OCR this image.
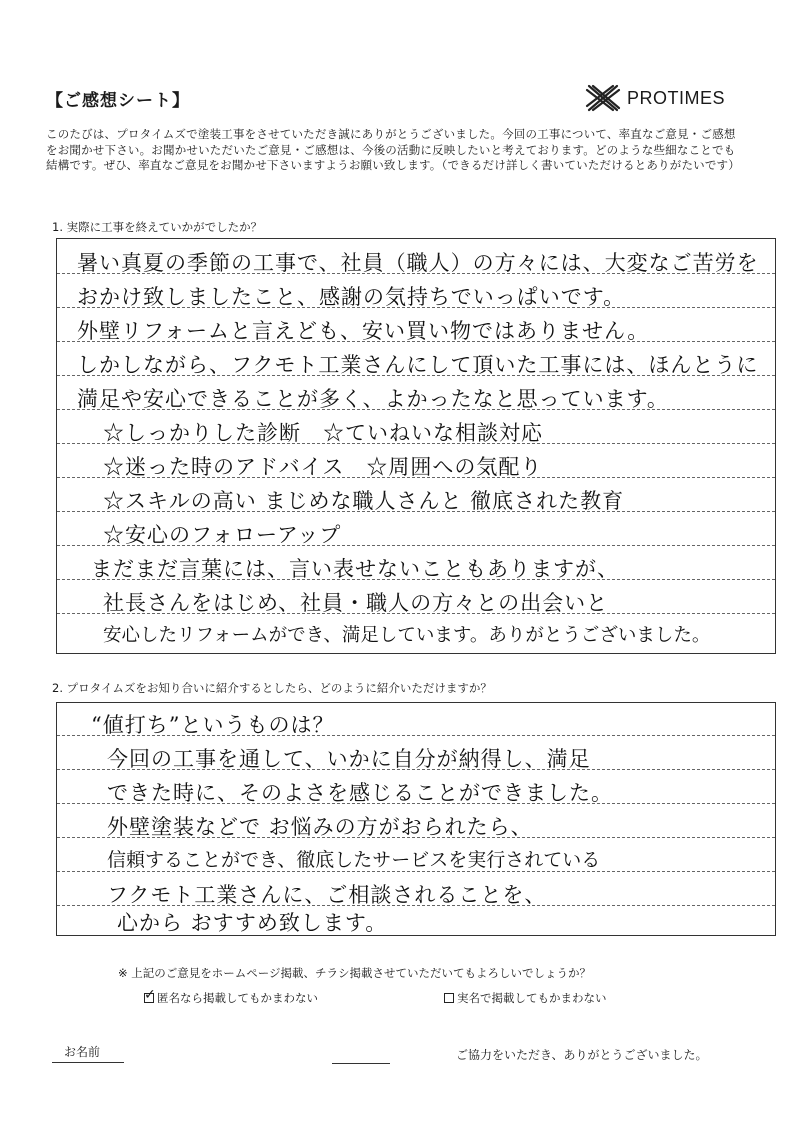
【ご感想シート】	PROTIMES
このたびは、プロタイムズで塗装工事をさせていただき誠にありがとうございました。今回の工事について、率直なご意見・ご感想をお聞かせ下さい。お聞かせいただいたご意見・ご感想は、今後の活動に反映したいと考えております。どのような些細なことでも結構です。ぜひ、率直なご意見をお聞かせ下さいますようお願い致します。（できるだけ詳しく書いていただけるとありがたいです）
1. 実際に工事を終えていかがでしたか？
暑い真夏の季節の工事で、社員（職人）の方々には、大変なご苦労を
おかけ致しましたこと、感謝の気持ちでいっぱいです。
外壁リフォームと言えども、安い買い物ではありません。
しかしながら、フクモト工業さんにして頂いた工事には、ほんとうに
満足や安心できることが多く、よかったなと思っています。
☆しっかりした診断　☆ていねいな相談対応
☆迷った時のアドバイス　☆周囲への気配り
☆スキルの高い まじめな職人さんと 徹底された教育
☆安心のフォローアップ
まだまだ言葉には、言い表せないこともありますが、
社長さんをはじめ、社員・職人の方々との出会いと
安心したリフォームができ、満足しています。ありがとうございました。
2. プロタイムズをお知り合いに紹介するとしたら、どのように紹介いただけますか？
“値打ち”というものは？
今回の工事を通して、いかに自分が納得し、満足
できた時に、そのよさを感じることができました。
外壁塗装などで お悩みの方がおられたら、
信頼することができ、徹底したサービスを実行されている
フクモト工業さんに、ご相談されることを、
心から おすすめ致します。
※ 上記のご意見をホームページ掲載、チラシ掲載させていただいてもよろしいでしょうか？
✓ 匿名なら掲載してもかまわない	実名で掲載してもかまわない
お名前	ご協力をいただき、ありがとうございました。
